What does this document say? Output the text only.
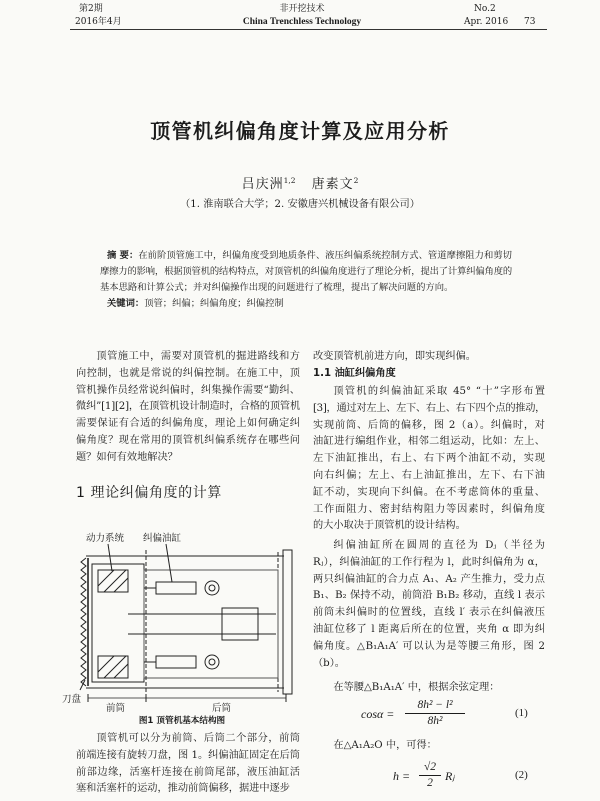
第2期
2016年4月
非开挖技术
China Trenchless Technology
No.2
Apr. 2016 73
顶管机纠偏角度计算及应用分析
吕庆洲$^{1,2}$ 唐素文$^2$
（1. 淮南联合大学；2. 安徽唐兴机械设备有限公司）
摘 要：在前阶顶管施工中，纠偏角度受到地质条件、液压纠偏系统控制方式、管道摩擦阻力和剪切
摩擦力的影响，根据顶管机的结构特点，对顶管机的纠偏角度进行了理论分析，提出了计算纠偏角度的
基本思路和计算公式；并对纠偏操作出现的问题进行了梳理，提出了解决问题的方向。
关键词：顶管；纠偏；纠偏角度；纠偏控制
顶管施工中，需要对顶管机的掘进路线和方
向控制，也就是常说的纠偏控制。在施工中，顶
管机操作员经常说纠偏时，纠集操作需要“勤纠、
微纠”[1][2]，在顶管机设计制造时，合格的顶管机
需要保证有合适的纠偏角度，理论上如何确定纠
偏角度？现在常用的顶管机纠偏系统存在哪些问
题？如何有效地解决？
1 理论纠偏角度的计算
动力系统 纠偏油缸
刀盘
前筒	后筒
图1 顶管机基本结构图
顶管机可以分为前筒、后筒二个部分，前筒
前端连接有旋转刀盘，图 1。纠偏油缸固定在后筒
前部边缘，活塞杆连接在前筒尾部，液压油缸活
塞和活塞杆的运动，推动前筒偏移，据进中逐步
改变顶管机前进方向，即实现纠偏。
1.1 油缸纠偏角度
顶管机的纠偏油缸采取 45° “十”字形布置
[3]，通过对左上、左下、右上、右下四个点的推动，
实现前筒、后筒的偏移，图 2（a）。纠偏时，对
油缸进行编组作业，相邻二组运动，比如：左上、
左下油缸推出，右上、右下两个油缸不动，实现
向右纠偏；左上、右上油缸推出，左下、右下油
缸不动，实现向下纠偏。在不考虑筒体的重量、
工作面阻力、密封结构阻力等因素时，纠偏角度
的大小取决于顶管机的设计结构。
纠偏油缸所在圆周的直径为 Dⱼ（半径为
Rⱼ），纠偏油缸的工作行程为 l，此时纠偏角为 α，
两只纠偏油缸的合力点 A₁、A₂ 产生推力，受力点
B₁、B₂ 保持不动，前筒沿 B₁B₂ 移动，直线 l 表示
前筒未纠偏时的位置线，直线 l′ 表示在纠偏液压
油缸位移了 l 距离后所在的位置，夹角 α 即为纠
偏角度。△B₁A₁A′ 可以认为是等腰三角形，图 2
（b）。
在等腰△B₁A₁A′ 中，根据余弦定理：
$\cos\alpha = \frac{\text{8h² − l²}}{\text{8h²}}$	(1)
在△A₁A₂O 中，可得：
$h = \frac{√2}{2}$ Rⱼ	(2)
